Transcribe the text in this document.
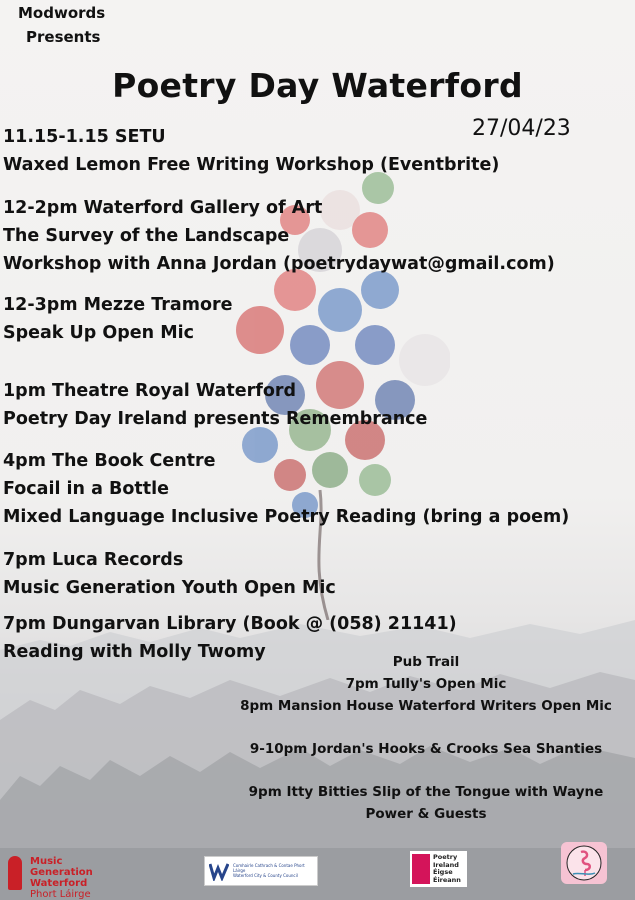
Modwords
Presents
Poetry Day Waterford
27/04/23
11.15-1.15 SETU
Waxed Lemon Free Writing Workshop (Eventbrite)
12-2pm Waterford Gallery of Art
The Survey of the Landscape
Workshop with Anna Jordan (poetrydaywat@gmail.com)
12-3pm Mezze Tramore
Speak Up Open Mic
1pm Theatre Royal Waterford
Poetry Day Ireland presents Remembrance
4pm The Book Centre
Focail in a Bottle
Mixed Language Inclusive Poetry Reading (bring a poem)
7pm Luca Records
Music Generation Youth Open Mic
7pm Dungarvan Library (Book @ (058) 21141)
Reading with Molly Twomy	Pub Trail
7pm Tully's Open Mic
8pm Mansion House Waterford Writers Open Mic
9-10pm Jordan's Hooks & Crooks Sea Shanties
9pm Itty Bitties Slip of the Tongue with Wayne Power & Guests
Music Generation
Waterford
Phort Láirge
Comhairle Cathrach & Contae Phort Láirge
Waterford City & County Council
Poetry
Ireland
Éigse
Éireann
